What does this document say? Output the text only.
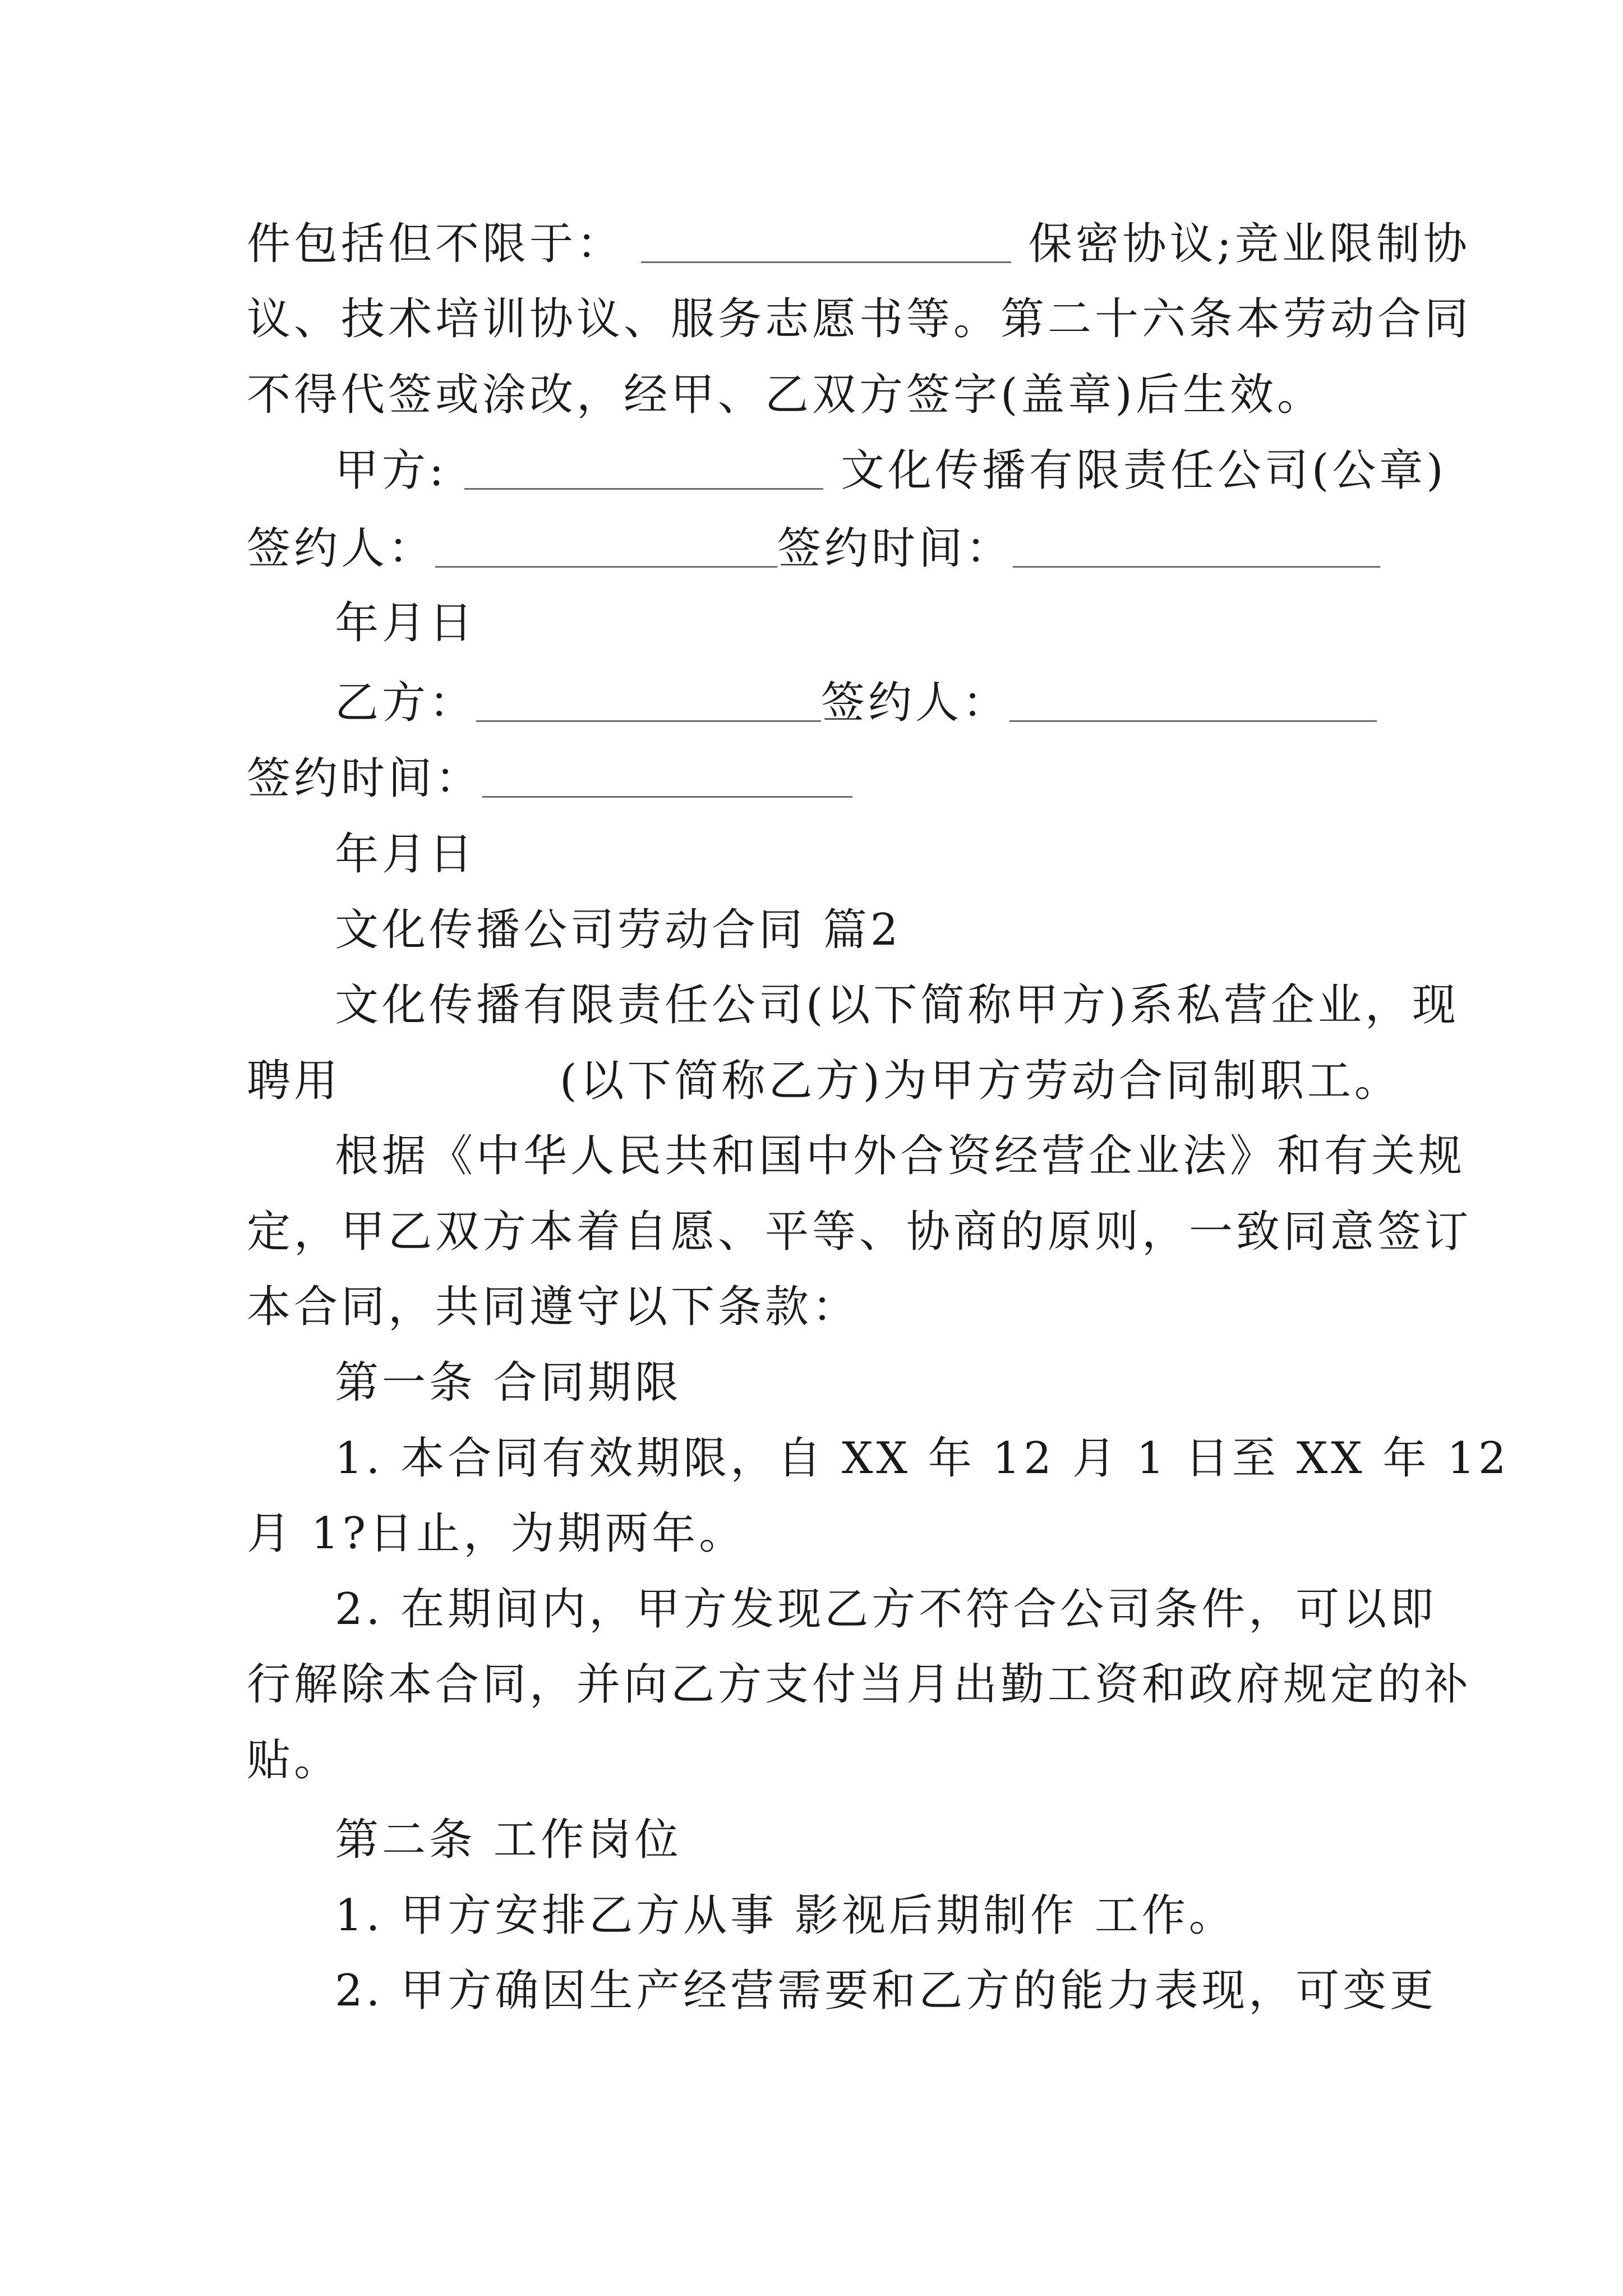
件包括但不限于：	保密协议;竞业限制协
议、技术培训协议、服务志愿书等。第二十六条本劳动合同
不得代签或涂改，经甲、乙双方签字(盖章)后生效。
甲方:	文化传播有限责任公司(公章)
签约人：	签约时间：
年月日
乙方：	签约人：
签约时间：
年月日
文化传播公司劳动合同 篇2
文化传播有限责任公司(以下简称甲方)系私营企业，现
聘用	(以下简称乙方)为甲方劳动合同制职工。
根据《中华人民共和国中外合资经营企业法》和有关规
定，甲乙双方本着自愿、平等、协商的原则，一致同意签订
本合同，共同遵守以下条款：
第一条 合同期限
1. 本合同有效期限，自 XX 年 12 月 1 日至 XX 年 12
月 1?日止，为期两年。
2. 在期间内，甲方发现乙方不符合公司条件，可以即
行解除本合同，并向乙方支付当月出勤工资和政府规定的补
贴。
第二条 工作岗位
1. 甲方安排乙方从事 影视后期制作 工作。
2. 甲方确因生产经营需要和乙方的能力表现，可变更
